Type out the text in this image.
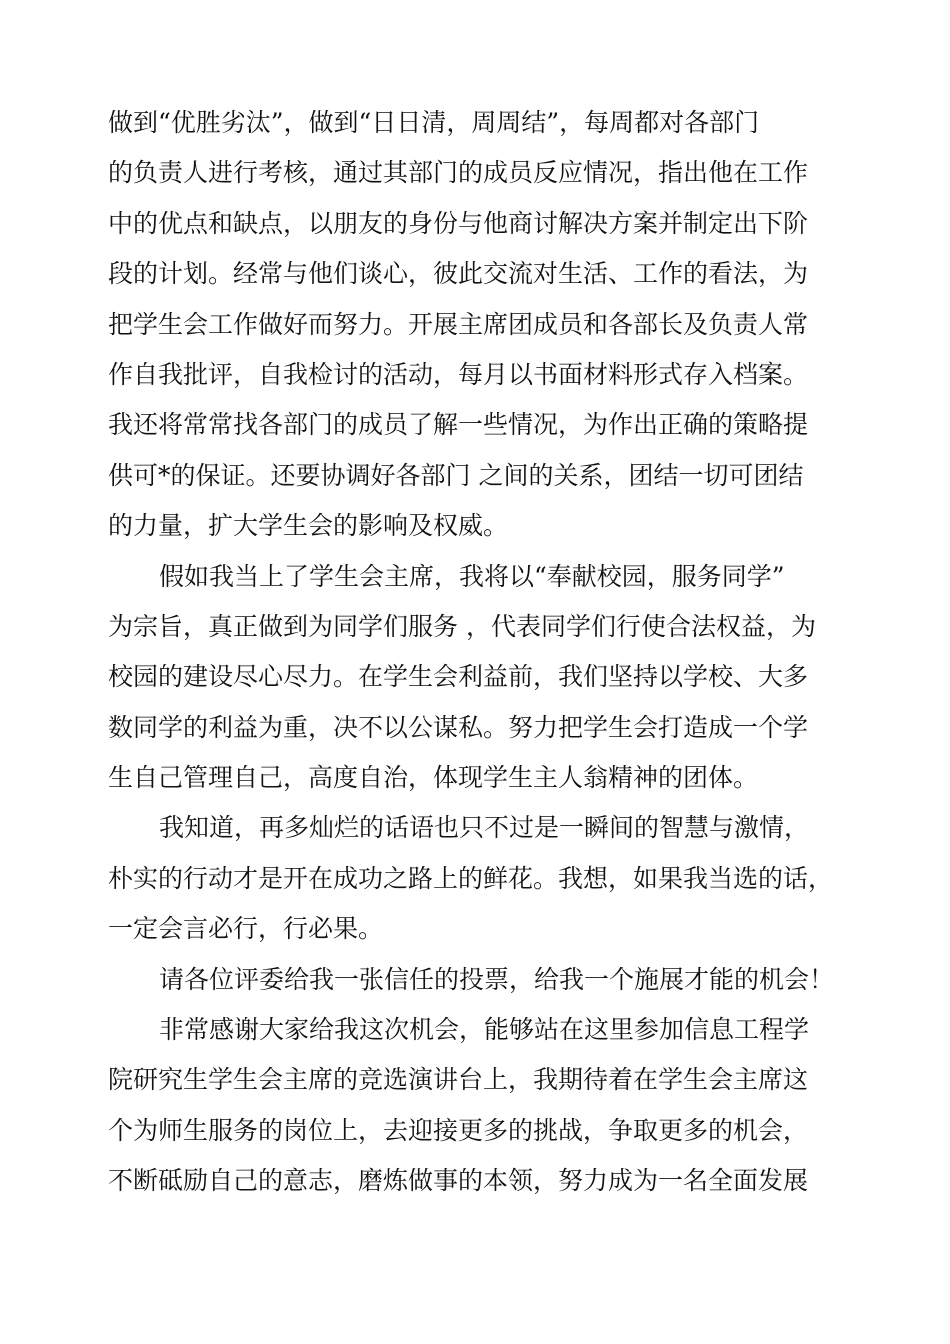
做到“优胜劣汰”，做到“日日清，周周结”，每周都对各部门
的负责人进行考核，通过其部门的成员反应情况，指出他在工作
中的优点和缺点，以朋友的身份与他商讨解决方案并制定出下阶
段的计划。经常与他们谈心，彼此交流对生活、工作的看法，为
把学生会工作做好而努力。开展主席团成员和各部长及负责人常
作自我批评，自我检讨的活动，每月以书面材料形式存入档案。
我还将常常找各部门的成员了解一些情况，为作出正确的策略提
供可*的保证。还要协调好各部门 之间的关系，团结一切可团结
的力量，扩大学生会的影响及权威。
假如我当上了学生会主席，我将以“奉献校园，服务同学”
为宗旨，真正做到为同学们服务 ，代表同学们行使合法权益，为
校园的建设尽心尽力。在学生会利益前，我们坚持以学校、大多
数同学的利益为重，决不以公谋私。努力把学生会打造成一个学
生自己管理自己，高度自治，体现学生主人翁精神的团体。
我知道，再多灿烂的话语也只不过是一瞬间的智慧与激情，
朴实的行动才是开在成功之路上的鲜花。我想，如果我当选的话，
一定会言必行，行必果。
请各位评委给我一张信任的投票，给我一个施展才能的机会！
非常感谢大家给我这次机会，能够站在这里参加信息工程学
院研究生学生会主席的竞选演讲台上，我期待着在学生会主席这
个为师生服务的岗位上，去迎接更多的挑战，争取更多的机会，
不断砥励自己的意志，磨炼做事的本领，努力成为一名全面发展
